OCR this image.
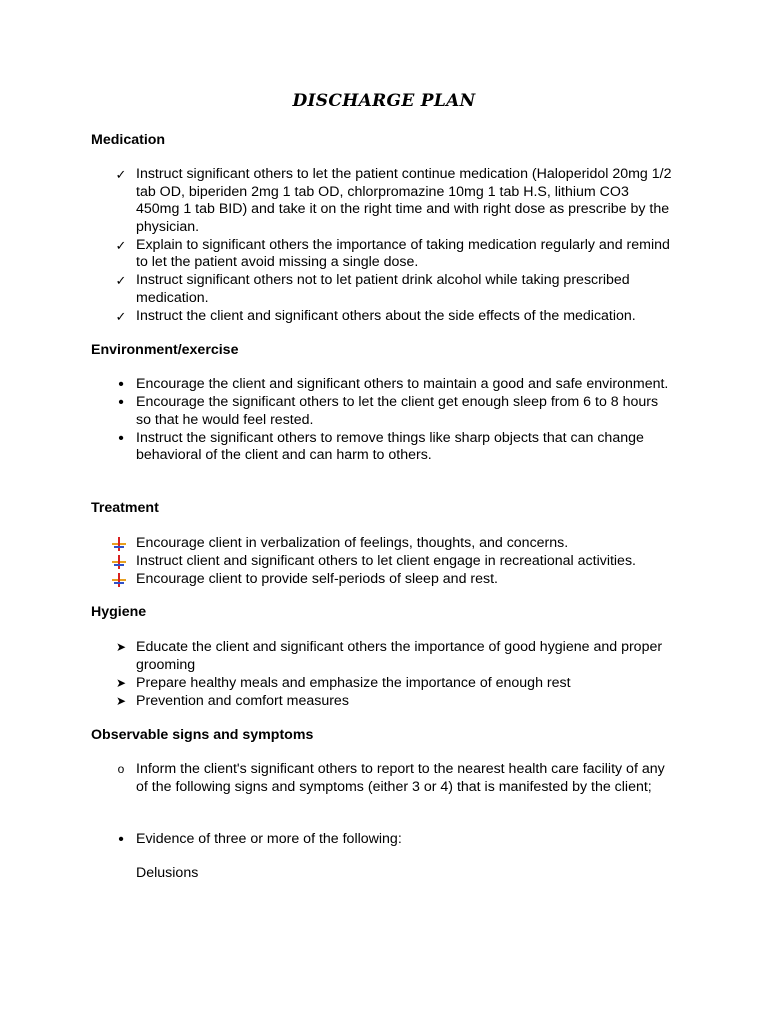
DISCHARGE PLAN
Medication
✓
Instruct significant others to let the patient continue medication (Haloperidol 20mg 1/2 tab OD, biperiden 2mg 1 tab OD, chlorpromazine 10mg 1 tab H.S, lithium CO3 450mg 1 tab BID) and take it on the right time and with right dose as prescribe by the physician.
✓
Explain to significant others the importance of taking medication regularly and remind to let the patient avoid missing a single dose.
✓
Instruct significant others not to let patient drink alcohol while taking prescribed medication.
✓
Instruct the client and significant others about the side effects of the medication.
Environment/exercise
•
Encourage the client and significant others to maintain a good and safe environment.
•
Encourage the significant others to let the client get enough sleep from 6 to 8 hours so that he would feel rested.
•
Instruct the significant others to remove things like sharp objects that can change behavioral of the client and can harm to others.
Treatment
Encourage client in verbalization of feelings, thoughts, and concerns.
Instruct client and significant others to let client engage in recreational activities.
Encourage client to provide self-periods of sleep and rest.
Hygiene
➤
Educate the client and significant others the importance of good hygiene and proper grooming
➤
Prepare healthy meals and emphasize the importance of enough rest
➤
Prevention and comfort measures
Observable signs and symptoms
o
Inform the client's significant others to report to the nearest health care facility of any of the following signs and symptoms (either 3 or 4) that is manifested by the client;
•
Evidence of three or more of the following:
Delusions
